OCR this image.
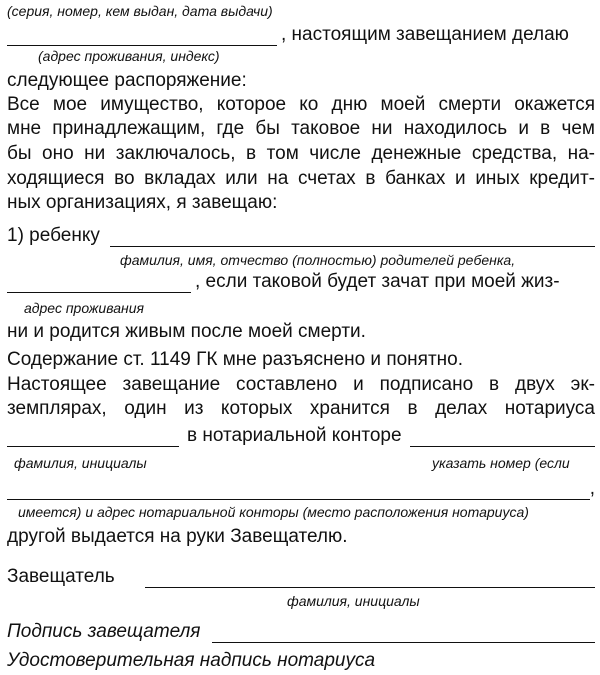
(серия, номер, кем выдан, дата выдачи)
, настоящим завещанием делаю
(адрес проживания, индекс)
следующее распоряжение:
Все мое имущество, которое ко дню моей смерти окажется
мне принадлежащим, где бы таковое ни находилось и в чем
бы оно ни заключалось, в том числе денежные средства, на-
ходящиеся во вкладах или на счетах в банках и иных кредит-
ных организациях, я завещаю:
1) ребенку
фамилия, имя, отчество (полностью) родителей ребенка,
, если таковой будет зачат при моей жиз-
адрес проживания
ни и родится живым после моей смерти.
Содержание ст. 1149 ГК мне разъяснено и понятно.
Настоящее завещание составлено и подписано в двух эк-
земплярах, один из которых хранится в делах нотариуса
в нотариальной конторе
фамилия, инициалы	указать номер (если
,
имеется) и адрес нотариальной конторы (место расположения нотариуса)
другой выдается на руки Завещателю.
Завещатель
фамилия, инициалы
Подпись завещателя
Удостоверительная надпись нотариуса
